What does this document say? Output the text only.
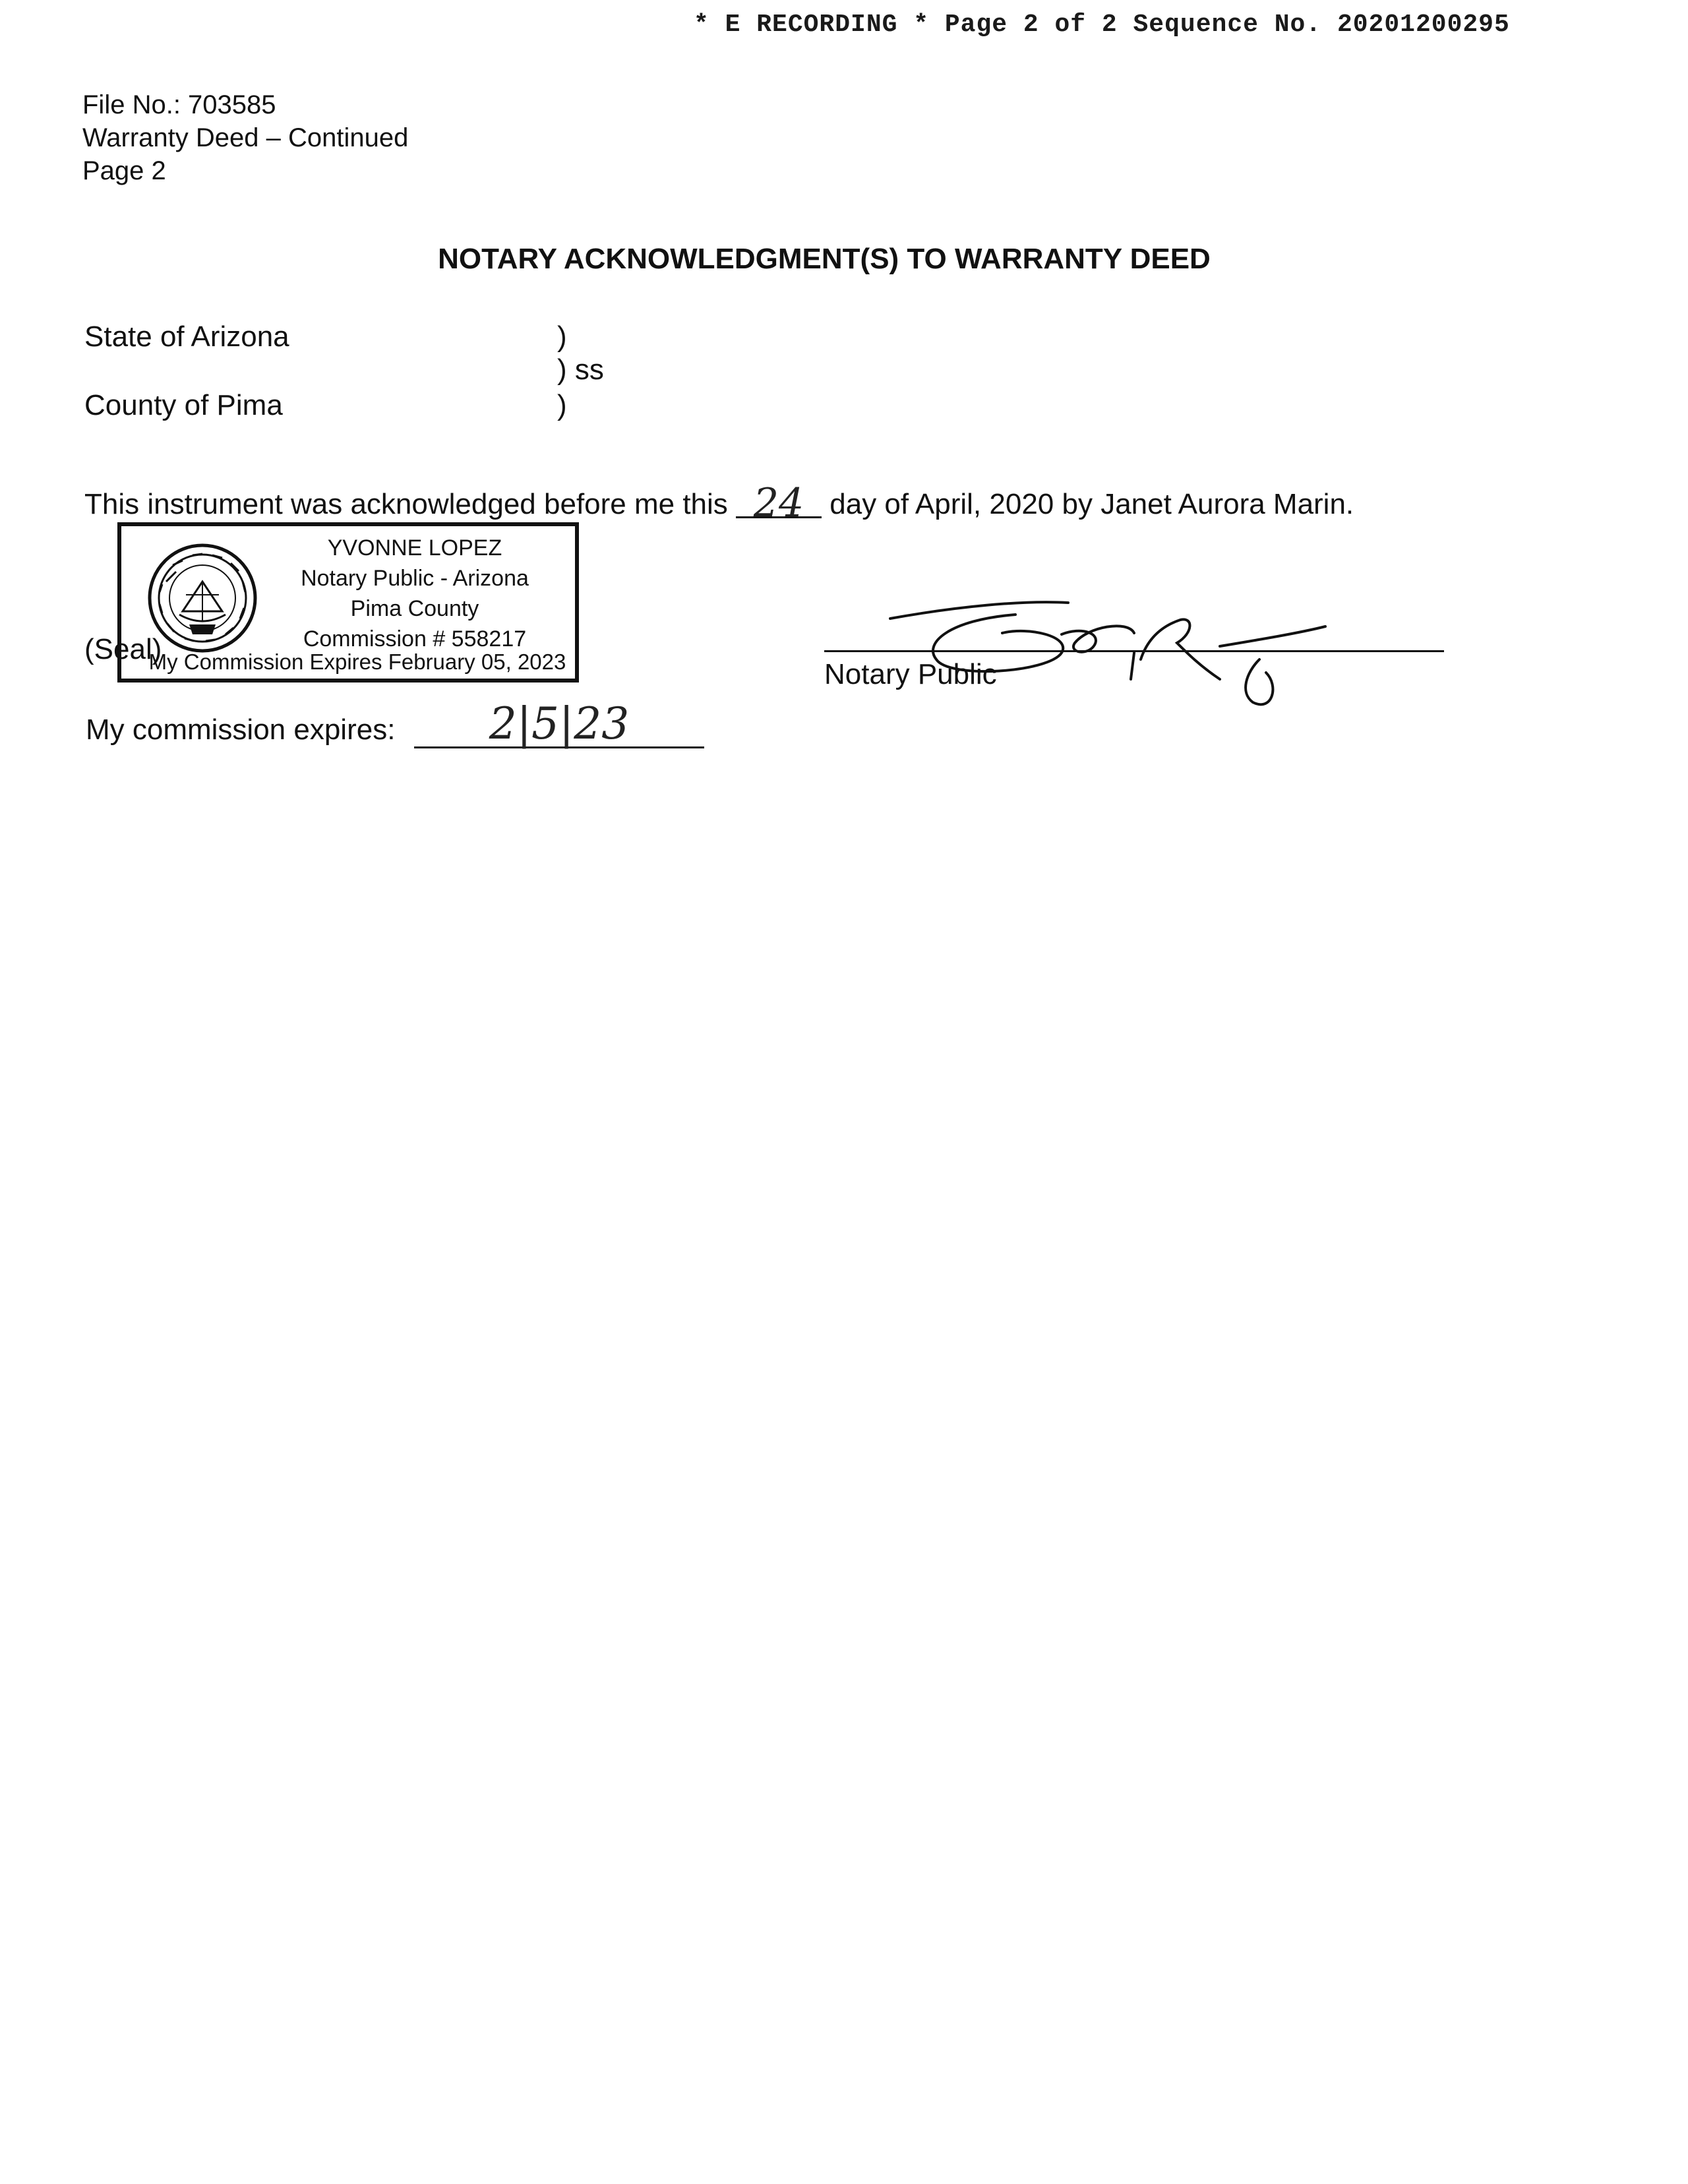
* E RECORDING * Page 2 of 2 Sequence No. 20201200295
File No.: 703585
Warranty Deed – Continued
Page 2
NOTARY ACKNOWLEDGMENT(S) TO WARRANTY DEED
State of Arizona
County of Pima
)
) ss
)
This instrument was acknowledged before me this 24 day of April, 2020 by Janet Aurora Marin.
(Seal)
YVONNE LOPEZ
Notary Public - Arizona
Pima County
Commission # 558217
My Commission Expires February 05, 2023	Notary Public
My commission expires:	2|5|23
